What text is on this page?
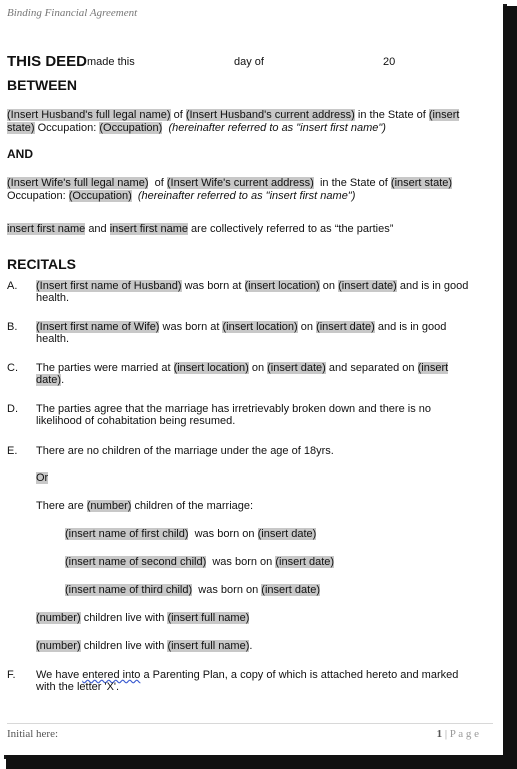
Binding Financial Agreement
THIS DEED made this	day of	20
BETWEEN
(Insert Husband's full legal name) of (Insert Husband's current address) in the State of (insert
state) Occupation: (Occupation) (hereinafter referred to as "insert first name")
AND
(Insert Wife's full legal name) of (Insert Wife's current address) in the State of (insert state)
Occupation: (Occupation) (hereinafter referred to as "insert first name")
insert first name and insert first name are collectively referred to as “the parties”
RECITALS
A. (Insert first name of Husband) was born at (insert location) on (insert date) and is in good
health.
B. (Insert first name of Wife) was born at (insert location) on (insert date) and is in good
health.
C. The parties were married at (insert location) on (insert date) and separated on (insert
date).
D. The parties agree that the marriage has irretrievably broken down and there is no
likelihood of cohabitation being resumed.
E. There are no children of the marriage under the age of 18yrs.
Or
There are (number) children of the marriage:
(insert name of first child) was born on (insert date)
(insert name of second child) was born on (insert date)
(insert name of third child) was born on (insert date)
(number) children live with (insert full name)
(number) children live with (insert full name).
F. We have entered into a Parenting Plan, a copy of which is attached hereto and marked
with the letter 'X'.
Initial here:	1 | P a g e
